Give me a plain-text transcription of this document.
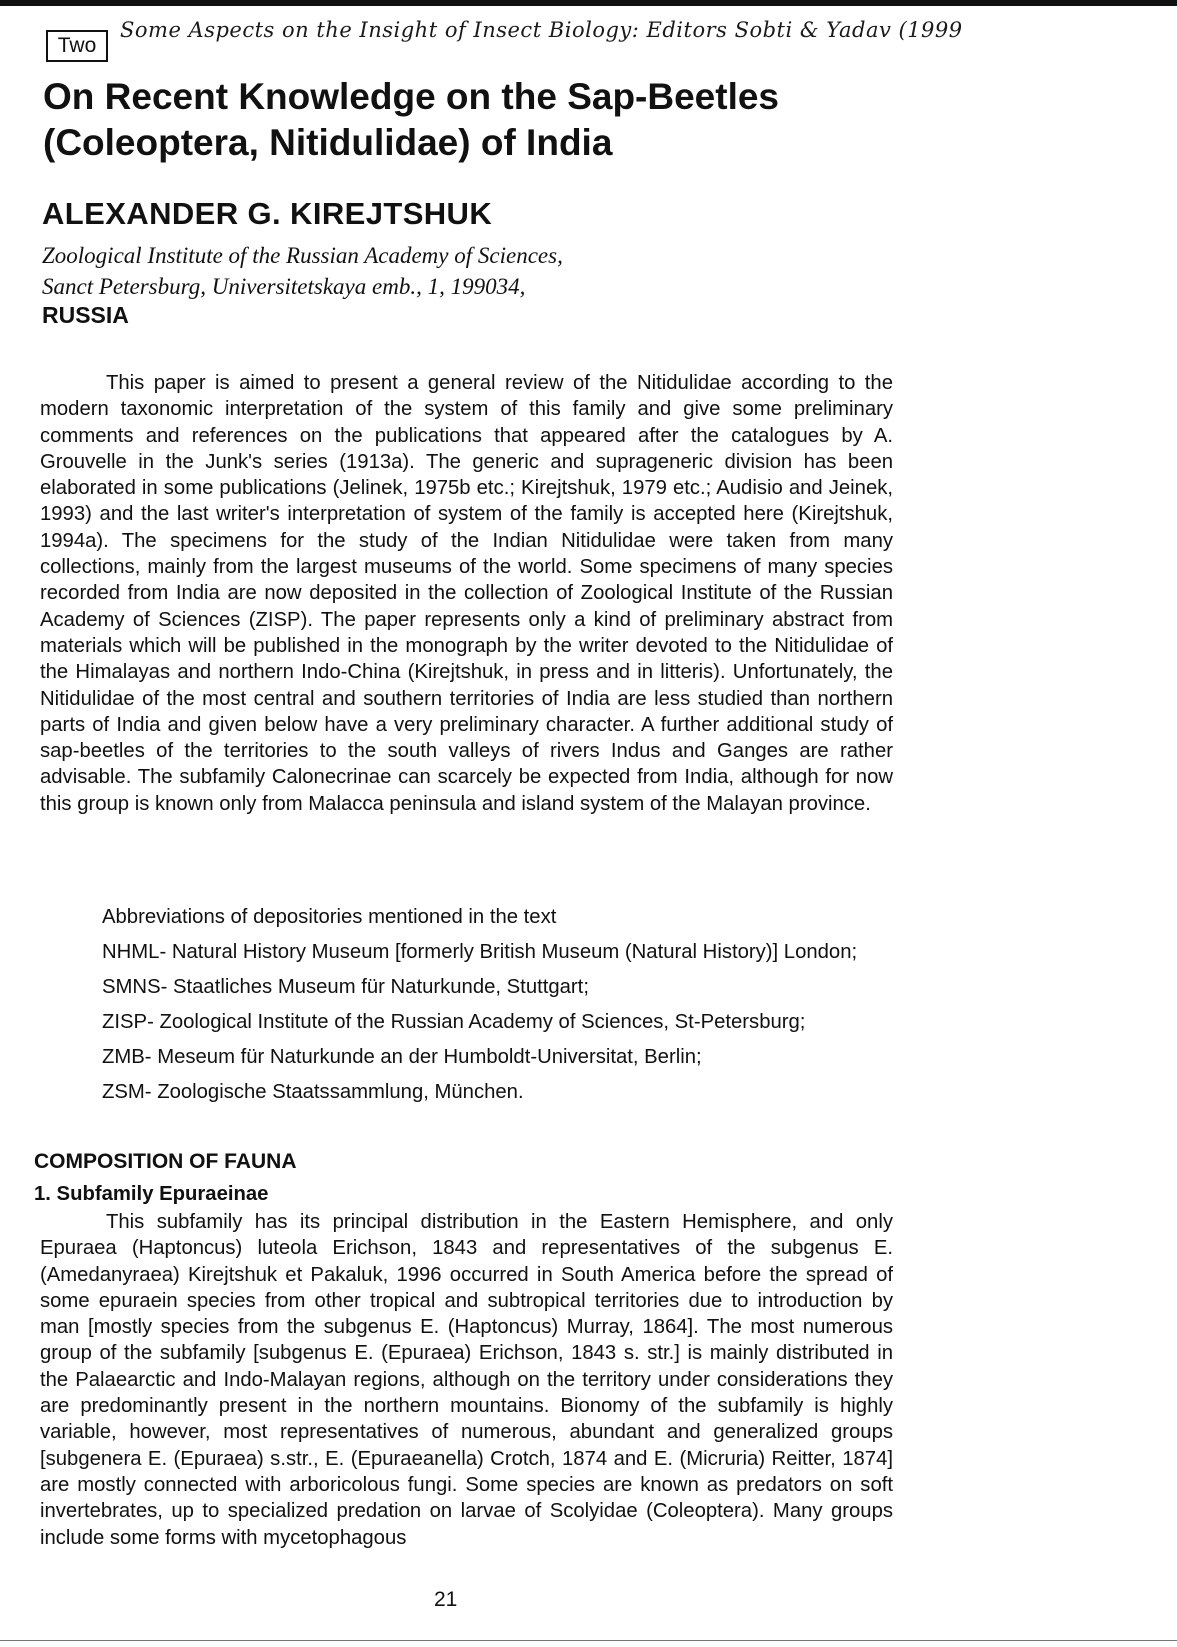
Two
Some Aspects on the Insight of Insect Biology: Editors Sobti & Yadav (1999
On Recent Knowledge on the Sap-Beetles
(Coleoptera, Nitidulidae) of India
ALEXANDER G. KIREJTSHUK
Zoological Institute of the Russian Academy of Sciences,
Sanct Petersburg, Universitetskaya emb., 1, 199034,
RUSSIA

This paper is aimed to present a general review of the Nitidulidae according to the modern taxonomic interpretation of the system of this family and give some preliminary comments and references on the publications that appeared after the catalogues by A. Grouvelle in the Junk's series (1913a). The generic and suprageneric division has been elaborated in some publications (Jelinek, 1975b etc.; Kirejtshuk, 1979 etc.; Audisio and Jeinek, 1993) and the last writer's interpretation of system of the family is accepted here (Kirejtshuk, 1994a). The specimens for the study of the Indian Nitidulidae were taken from many collections, mainly from the largest museums of the world. Some specimens of many species recorded from India are now deposited in the collection of Zoological Institute of the Russian Academy of Sciences (ZISP). The paper represents only a kind of preliminary abstract from materials which will be published in the monograph by the writer devoted to the Nitidulidae of the Himalayas and northern Indo-China (Kirejtshuk, in press and in litteris). Unfortunately, the Nitidulidae of the most central and southern territories of India are less studied than northern parts of India and given below have a very preliminary character. A further additional study of sap-beetles of the territories to the south valleys of rivers Indus and Ganges are rather advisable. The subfamily Calonecrinae can scarcely be expected from India, although for now this group is known only from Malacca peninsula and island system of the Malayan province.

Abbreviations of depositories mentioned in the text
NHML- Natural History Museum [formerly British Museum (Natural History)] London;
SMNS- Staatliches Museum für Naturkunde, Stuttgart;
ZISP- Zoological Institute of the Russian Academy of Sciences, St-Petersburg;
ZMB- Meseum für Naturkunde an der Humboldt-Universitat, Berlin;
ZSM- Zoologische Staatssammlung, München.
COMPOSITION OF FAUNA
1. Subfamily Epuraeinae

This subfamily has its principal distribution in the Eastern Hemisphere, and only Epuraea (Haptoncus) luteola Erichson, 1843 and representatives of the subgenus E. (Amedanyraea) Kirejtshuk et Pakaluk, 1996 occurred in South America before the spread of some epuraein species from other tropical and subtropical territories due to introduction by man [mostly species from the subgenus E. (Haptoncus) Murray, 1864]. The most numerous group of the subfamily [subgenus E. (Epuraea) Erichson, 1843 s. str.] is mainly distributed in the Palaearctic and Indo-Malayan regions, although on the territory under considerations they are predominantly present in the northern mountains. Bionomy of the subfamily is highly variable, however, most representatives of numerous, abundant and generalized groups [subgenera E. (Epuraea) s.str., E. (Epuraeanella) Crotch, 1874 and E. (Micruria) Reitter, 1874] are mostly connected with arboricolous fungi. Some species are known as predators on soft invertebrates, up to specialized predation on larvae of Scolyidae (Coleoptera). Many groups include some forms with mycetophagous

21
